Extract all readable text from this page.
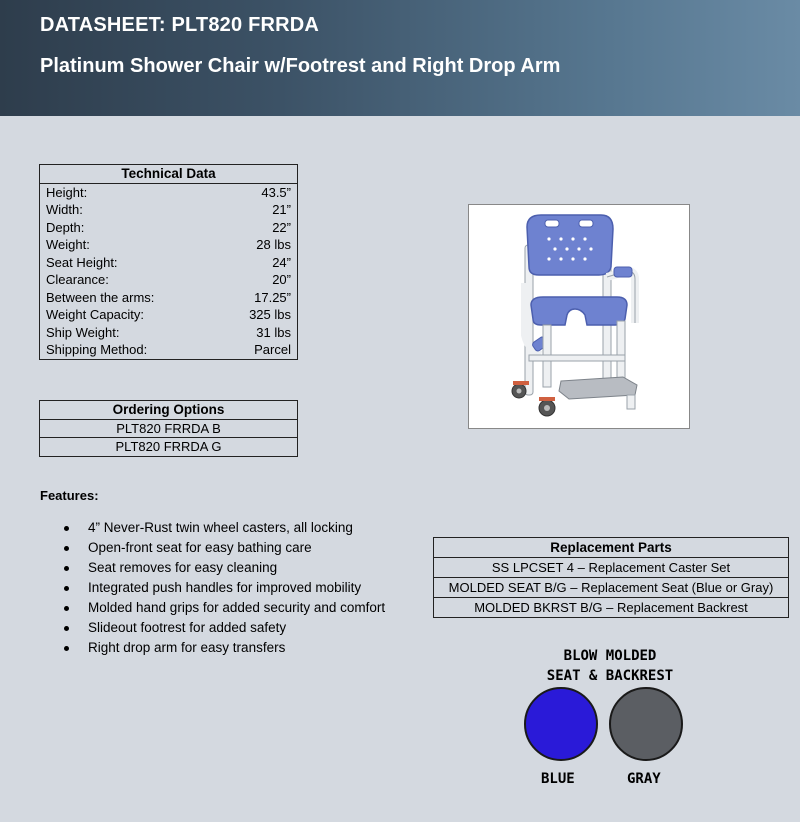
DATASHEET: PLT820 FRRDA
Platinum Shower Chair w/Footrest and Right Drop Arm
Technical Data	
Height:	43.5”
Width:	21”
Depth:	22”
Weight:	28 lbs
Seat Height:	24”
Clearance:	20”
Between the arms:	17.25”
Weight Capacity:	325 lbs
Ship Weight:	31 lbs
Shipping Method:	Parcel
Ordering Options
PLT820 FRRDA B
PLT820 FRRDA G
Features:
4” Never-Rust twin wheel casters, all locking
Open-front seat for easy bathing care
Seat removes for easy cleaning
Integrated push handles for improved mobility
Molded hand grips for added security and comfort
Slideout footrest for added safety
Right drop arm for easy transfers
Replacement Parts
SS LPCSET 4 – Replacement Caster Set
MOLDED SEAT B/G – Replacement Seat (Blue or Gray)
MOLDED BKRST B/G – Replacement Backrest
BLOW MOLDED
SEAT & BACKREST
BLUE	GRAY
